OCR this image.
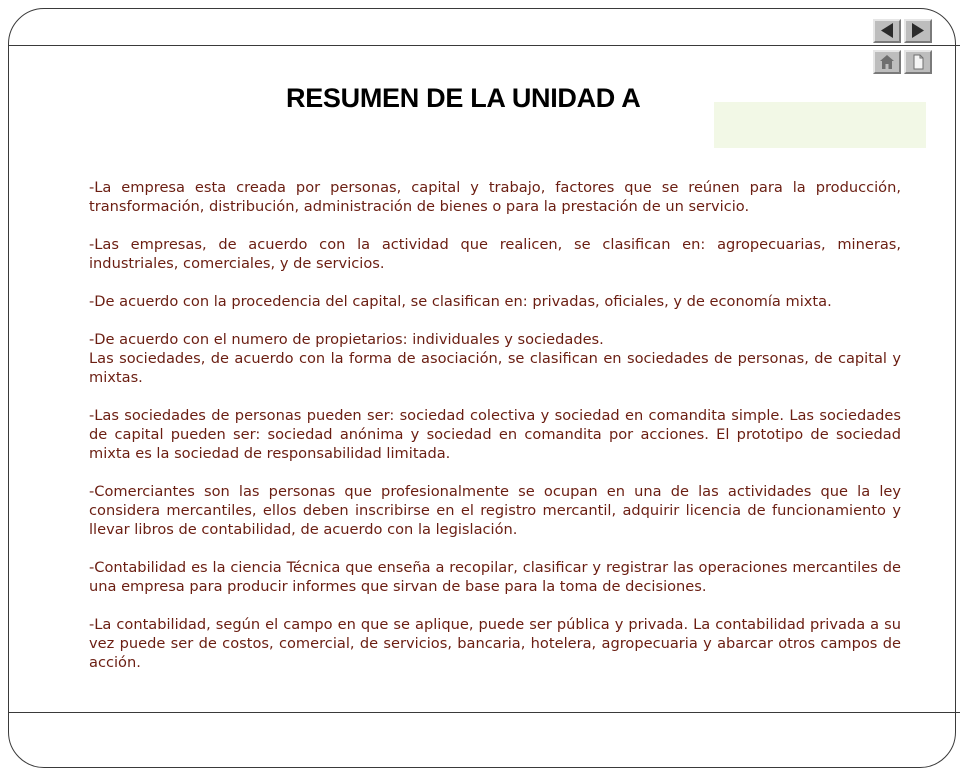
RESUMEN DE LA UNIDAD A

-La empresa esta creada por personas, capital y trabajo, factores que se reúnen para la producción, transformación, distribución, administración de bienes o para la prestación de un servicio.

-Las empresas, de acuerdo con la actividad que realicen, se clasifican en: agropecuarias, mineras, industriales, comerciales, y de servicios.

-De acuerdo con la procedencia del capital, se clasifican en: privadas, oficiales, y de economía mixta.

-De acuerdo con el numero de propietarios: individuales y sociedades.

Las sociedades, de acuerdo con la forma de asociación, se clasifican en sociedades de personas, de capital y mixtas.

-Las sociedades de personas pueden ser: sociedad colectiva y sociedad en comandita simple. Las sociedades de capital pueden ser: sociedad anónima y sociedad en comandita por acciones. El prototipo de sociedad mixta es la sociedad de responsabilidad limitada.

-Comerciantes son las personas que profesionalmente se ocupan en una de las actividades que la ley considera mercantiles, ellos deben inscribirse en el registro mercantil, adquirir licencia de funcionamiento y llevar libros de contabilidad, de acuerdo con la legislación.

-Contabilidad es la ciencia Técnica que enseña a recopilar, clasificar y registrar las operaciones mercantiles de una empresa para producir informes que sirvan de base para la toma de decisiones.

-La contabilidad, según el campo en que se aplique, puede ser pública y privada. La contabilidad privada a su vez puede ser de costos, comercial, de servicios, bancaria, hotelera, agropecuaria y abarcar otros campos de acción.
